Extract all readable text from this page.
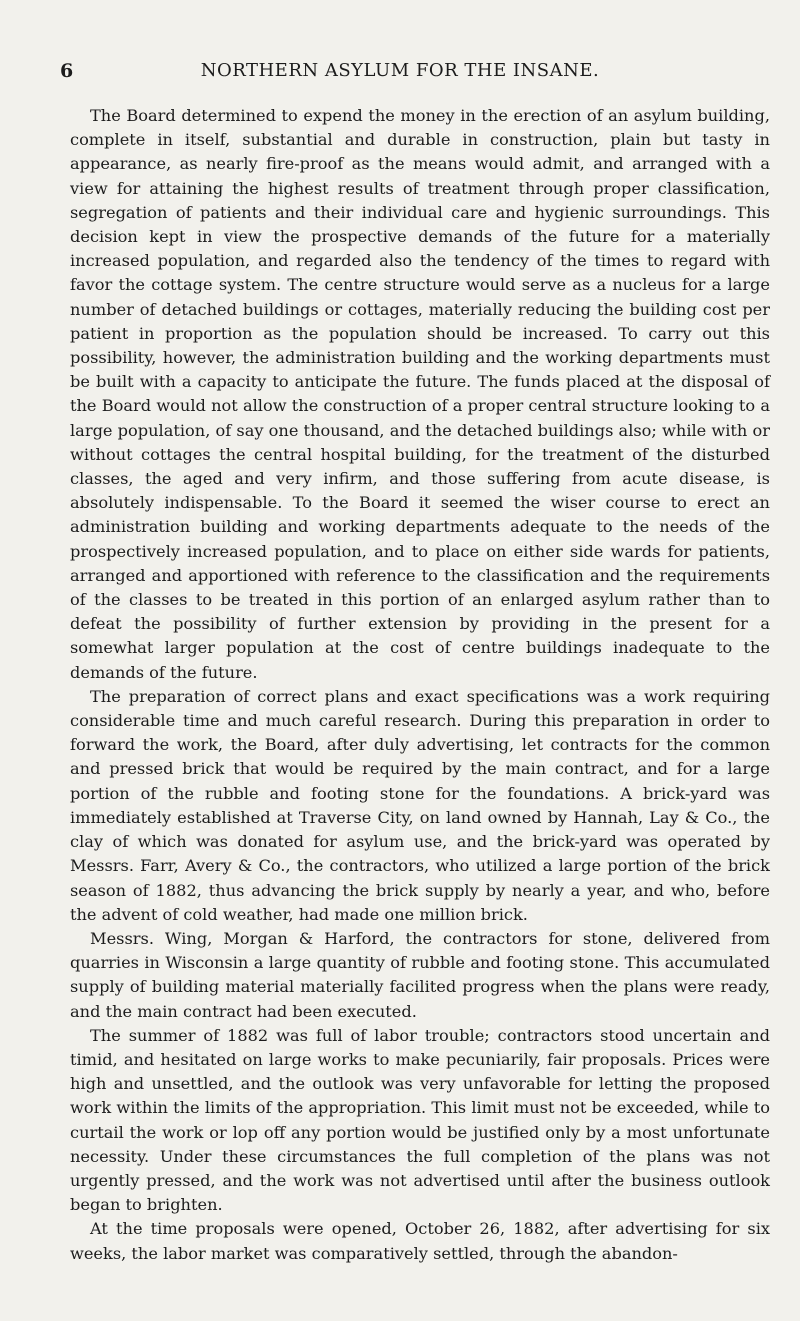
6	NORTHERN ASYLUM FOR THE INSANE.

The Board determined to expend the money in the erection of an asylum building, complete in itself, substantial and durable in construction, plain but tasty in appearance, as nearly fire-proof as the means would admit, and arranged with a view for attaining the highest results of treatment through proper classification, segregation of patients and their individual care and hygienic surroundings. This decision kept in view the prospective demands of the future for a materially increased population, and regarded also the tendency of the times to regard with favor the cottage system. The centre structure would serve as a nucleus for a large number of detached buildings or cottages, materially reducing the building cost per patient in proportion as the population should be increased. To carry out this possibility, however, the administration building and the working departments must be built with a capacity to anticipate the future. The funds placed at the disposal of the Board would not allow the construction of a proper central structure looking to a large population, of say one thousand, and the detached buildings also; while with or without cottages the central hospital building, for the treatment of the disturbed classes, the aged and very infirm, and those suffering from acute disease, is absolutely indispensable. To the Board it seemed the wiser course to erect an administration building and working departments adequate to the needs of the prospectively increased population, and to place on either side wards for patients, arranged and apportioned with reference to the classification and the requirements of the classes to be treated in this portion of an enlarged asylum rather than to defeat the possibility of further extension by providing in the present for a somewhat larger population at the cost of centre buildings inadequate to the demands of the future.

The preparation of correct plans and exact specifications was a work requiring considerable time and much careful research. During this preparation in order to forward the work, the Board, after duly advertising, let contracts for the common and pressed brick that would be required by the main contract, and for a large portion of the rubble and footing stone for the foundations. A brick-yard was immediately established at Traverse City, on land owned by Hannah, Lay & Co., the clay of which was donated for asylum use, and the brick-yard was operated by Messrs. Farr, Avery & Co., the contractors, who utilized a large portion of the brick season of 1882, thus advancing the brick supply by nearly a year, and who, before the advent of cold weather, had made one million brick.

Messrs. Wing, Morgan & Harford, the contractors for stone, delivered from quarries in Wisconsin a large quantity of rubble and footing stone. This accumulated supply of building material materially facilited progress when the plans were ready, and the main contract had been executed.

The summer of 1882 was full of labor trouble; contractors stood uncertain and timid, and hesitated on large works to make pecuniarily, fair proposals. Prices were high and unsettled, and the outlook was very unfavorable for letting the proposed work within the limits of the appropriation. This limit must not be exceeded, while to curtail the work or lop off any portion would be justified only by a most unfortunate necessity. Under these circumstances the full completion of the plans was not urgently pressed, and the work was not advertised until after the business outlook began to brighten.

At the time proposals were opened, October 26, 1882, after advertising for six weeks, the labor market was comparatively settled, through the abandon-
